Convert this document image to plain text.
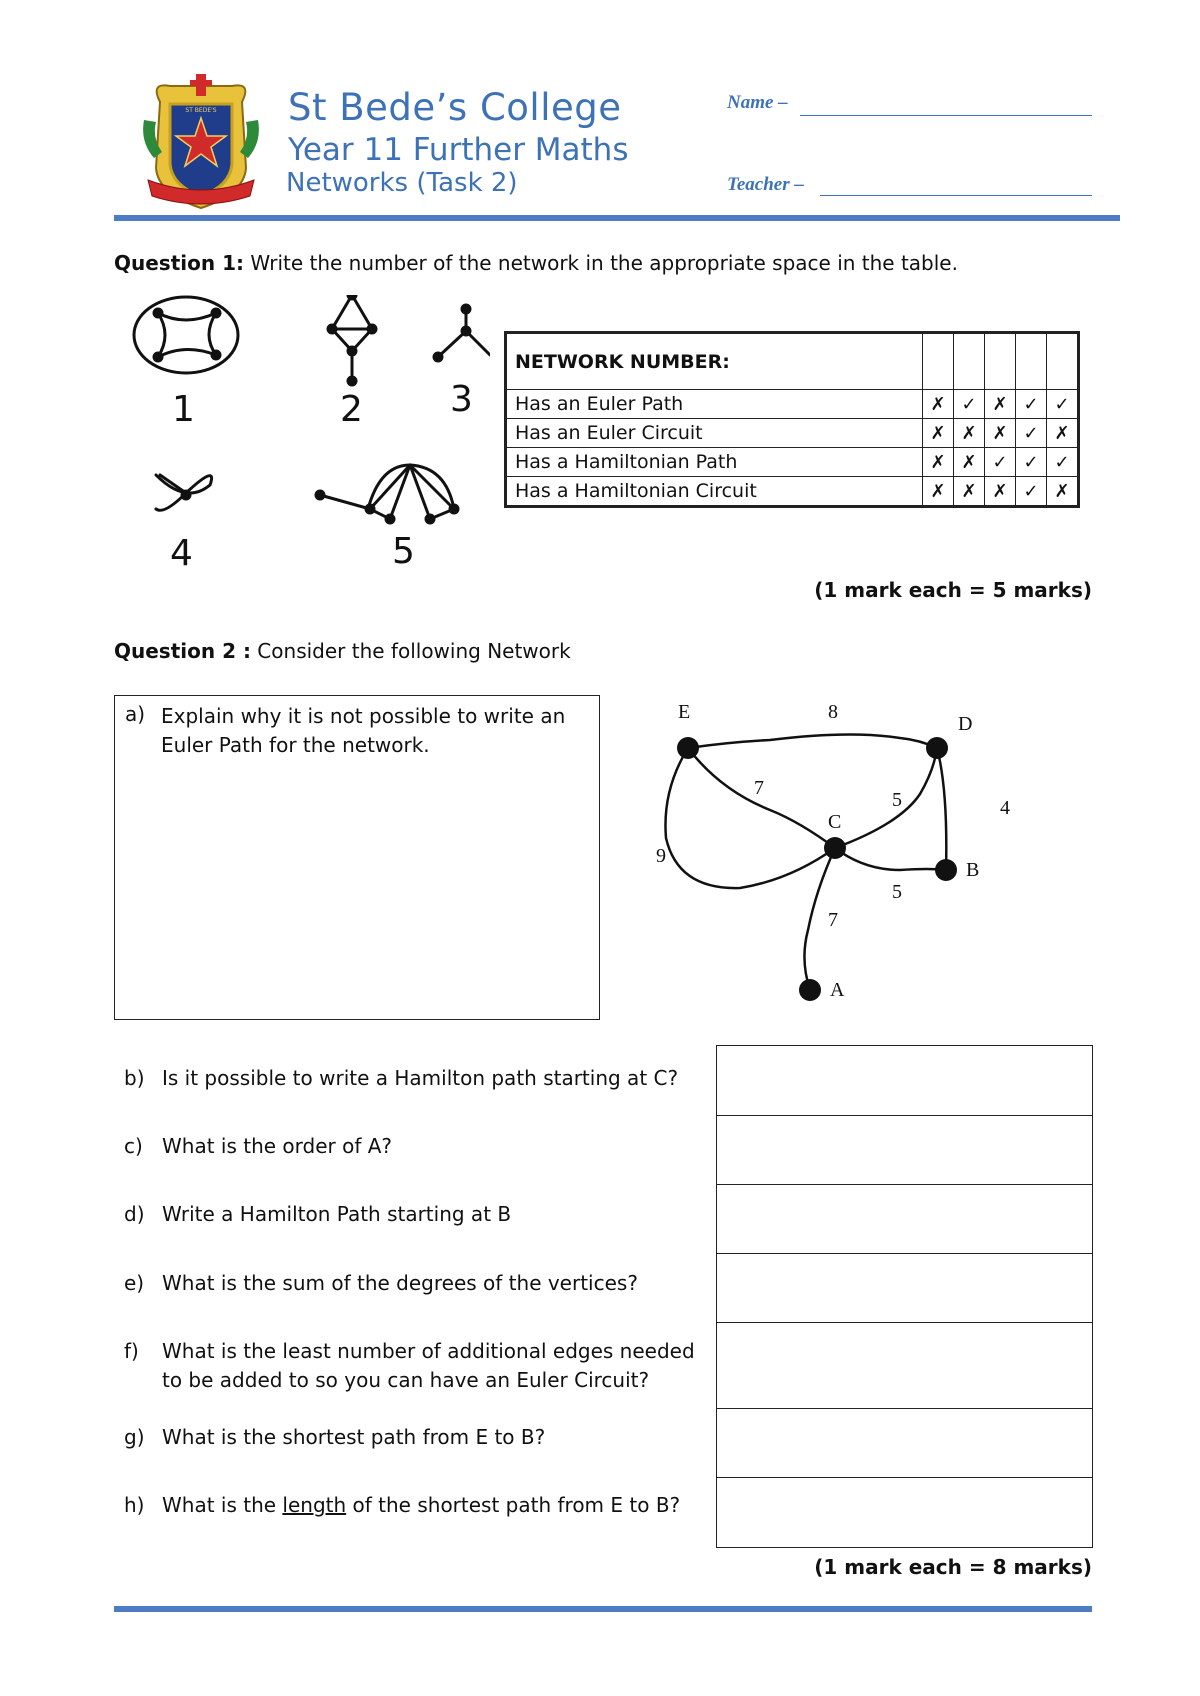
ST BEDE'S St Bede’s College
Year 11 Further Maths
Networks (Task 2)
Name –
Teacher –
Question 1: Write the number of the network in the appropriate space in the table.
1	2 3
4	5
NETWORK NUMBER:					
Has an Euler Path	✗	✓	✗	✓	✓
Has an Euler Circuit	✗	✗	✗	✓	✗
Has a Hamiltonian Path	✗	✗	✓	✓	✓
Has a Hamiltonian Circuit	✗	✗	✗	✓	✗
(1 mark each = 5 marks)
Question 2 : Consider the following Network
a) Explain why it is not possible to write an Euler Path for the network.
E
D
C
B
A
8
7
9
5	4
5
7
b) Is it possible to write a Hamilton path starting at C?
c) What is the order of A?
d) Write a Hamilton Path starting at B
e) What is the sum of the degrees of the vertices?
f) What is the least number of additional edges needed to be added to so you can have an Euler Circuit?
g) What is the shortest path from E to B?
h) What is the length of the shortest path from E to B?
(1 mark each = 8 marks)
